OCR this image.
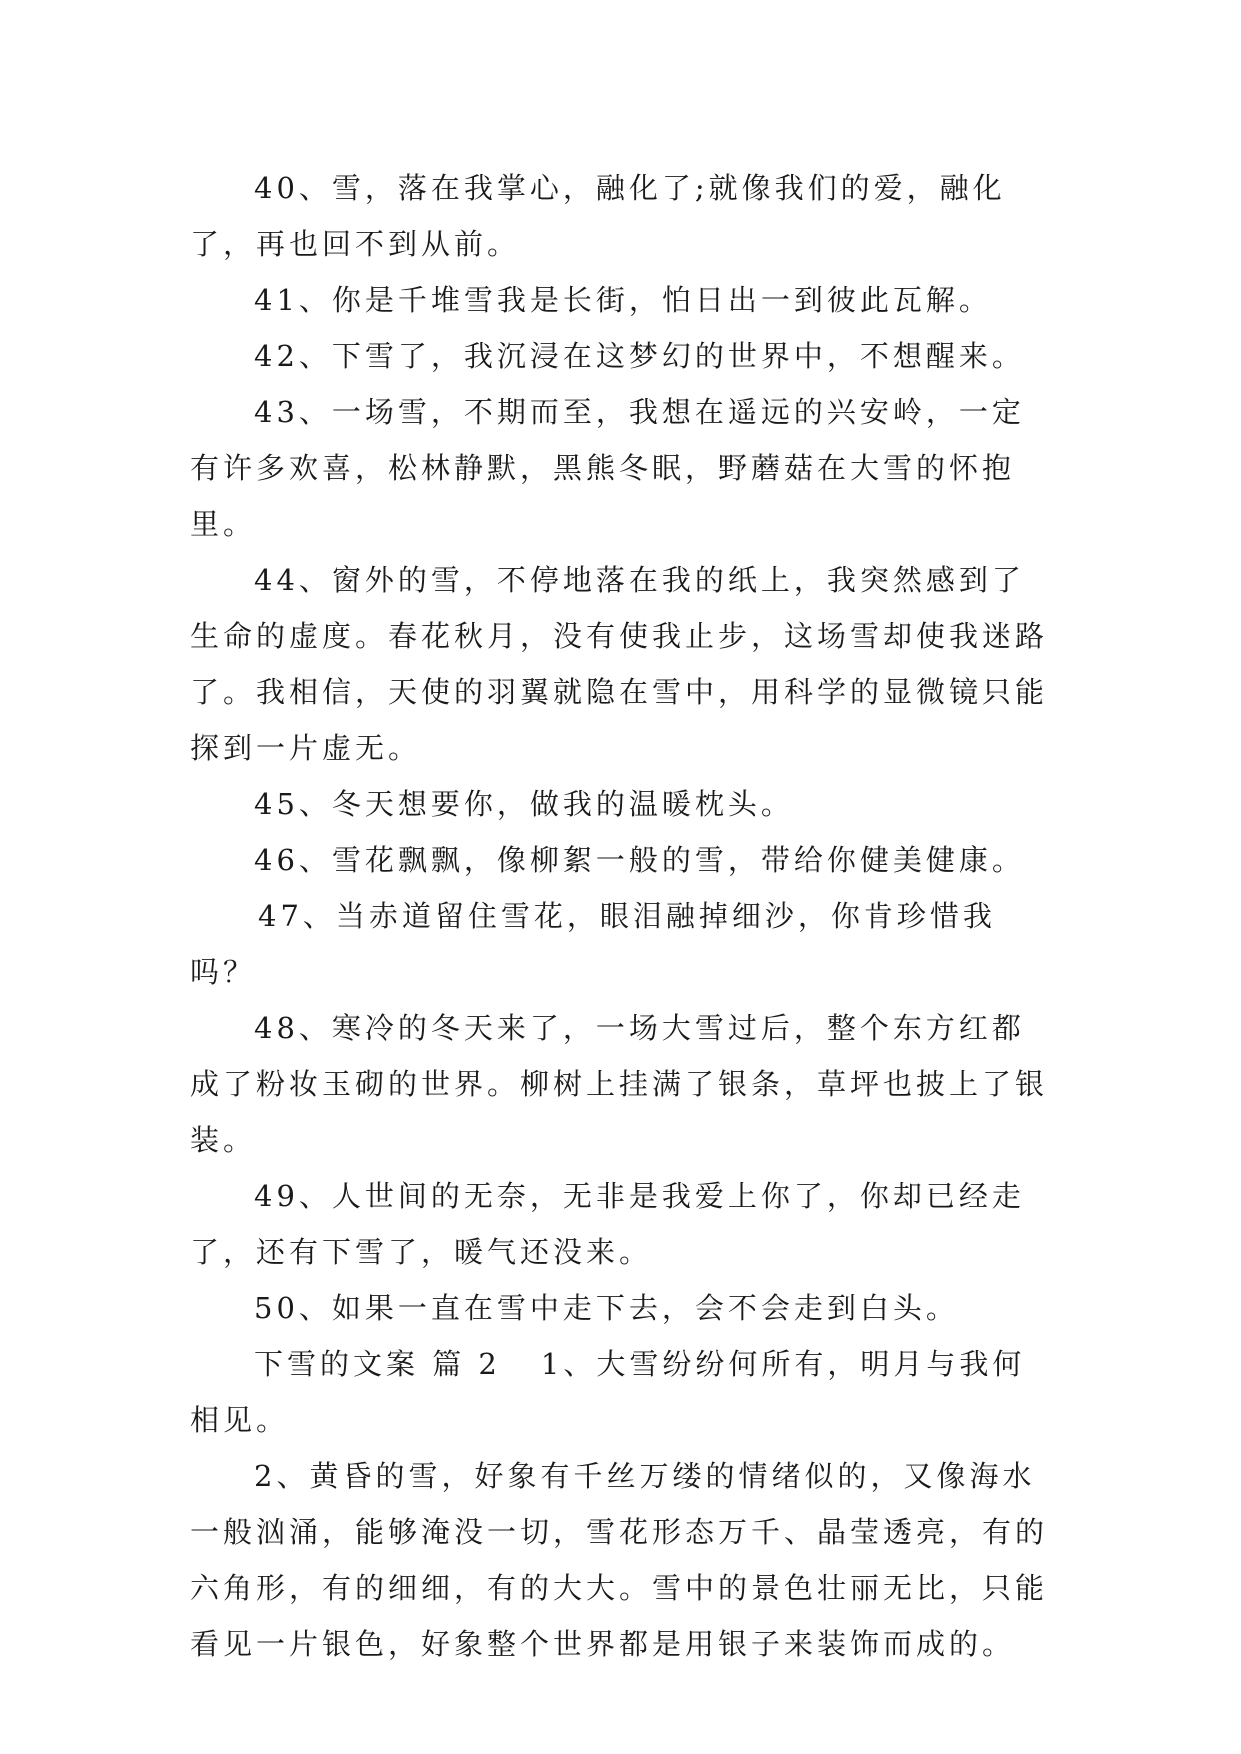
40、雪，落在我掌心，融化了;就像我们的爱，融化了，再也回不到从前。

41、你是千堆雪我是长街，怕日出一到彼此瓦解。

42、下雪了，我沉浸在这梦幻的世界中，不想醒来。

43、一场雪，不期而至，我想在遥远的兴安岭，一定有许多欢喜，松林静默，黑熊冬眠，野蘑菇在大雪的怀抱里。

44、窗外的雪，不停地落在我的纸上，我突然感到了生命的虚度。春花秋月，没有使我止步，这场雪却使我迷路了。我相信，天使的羽翼就隐在雪中，用科学的显微镜只能探到一片虚无。

45、冬天想要你，做我的温暖枕头。

46、雪花飘飘，像柳絮一般的雪，带给你健美健康。

47、当赤道留住雪花，眼泪融掉细沙，你肯珍惜我吗？

48、寒冷的冬天来了，一场大雪过后，整个东方红都成了粉妆玉砌的世界。柳树上挂满了银条，草坪也披上了银装。

49、人世间的无奈，无非是我爱上你了，你却已经走了，还有下雪了，暖气还没来。

50、如果一直在雪中走下去，会不会走到白头。

下雪的文案 篇 2 1、大雪纷纷何所有，明月与我何相见。

2、黄昏的雪，好象有千丝万缕的情绪似的，又像海水一般汹涌，能够淹没一切，雪花形态万千、晶莹透亮，有的六角形，有的细细，有的大大。雪中的景色壮丽无比，只能看见一片银色，好象整个世界都是用银子来装饰而成的。
